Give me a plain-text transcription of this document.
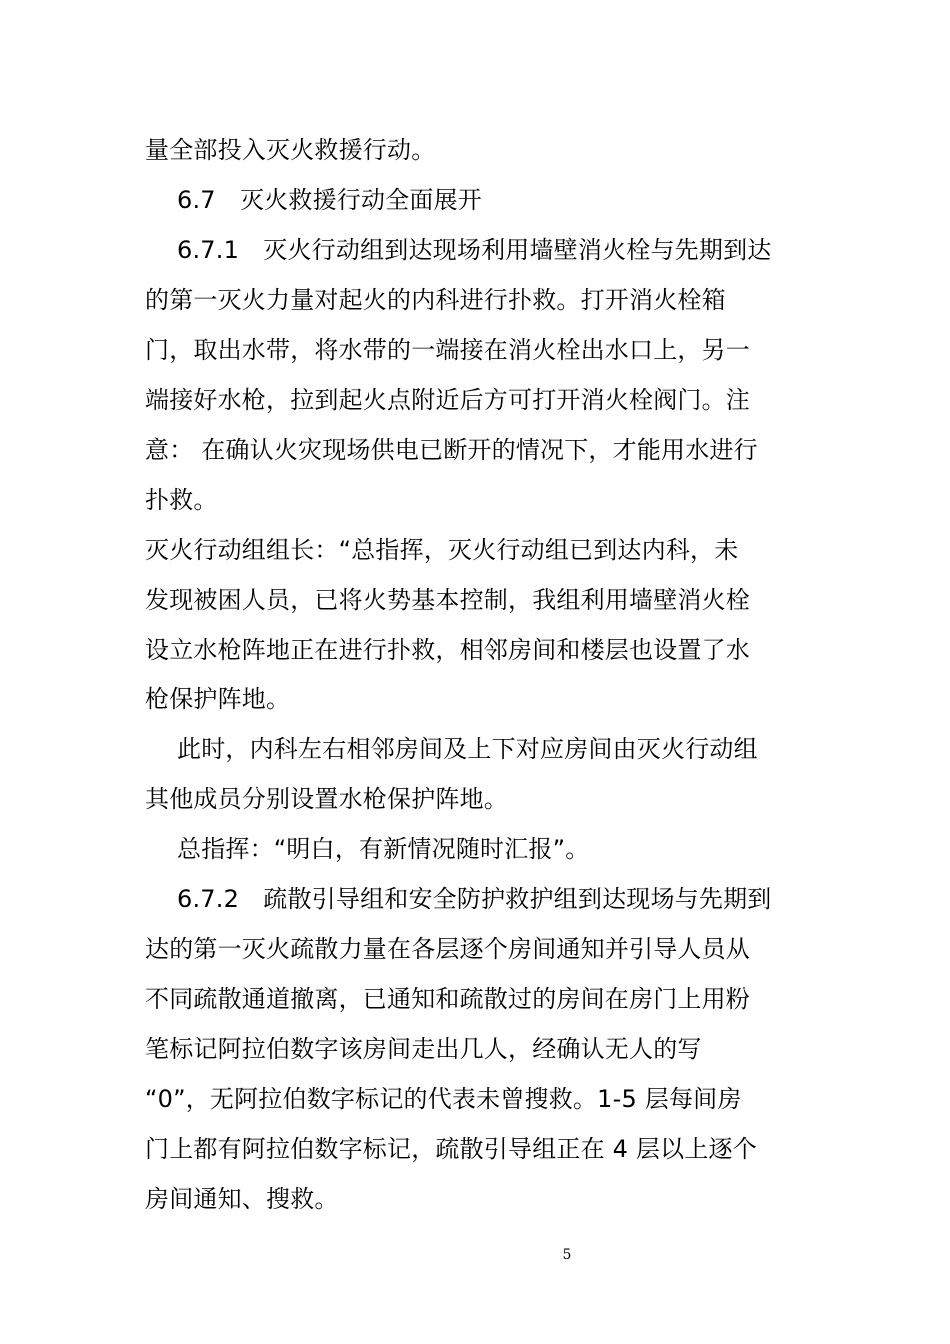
量全部投入灭火救援行动。
6.7　灭火救援行动全面展开
6.7.1　灭火行动组到达现场利用墙壁消火栓与先期到达
的第一灭火力量对起火的内科进行扑救。打开消火栓箱
门，取出水带，将水带的一端接在消火栓出水口上，另一
端接好水枪，拉到起火点附近后方可打开消火栓阀门。注
意： 在确认火灾现场供电已断开的情况下，才能用水进行
扑救。
灭火行动组组长：“总指挥，灭火行动组已到达内科，未
发现被困人员，已将火势基本控制，我组利用墙壁消火栓
设立水枪阵地正在进行扑救，相邻房间和楼层也设置了水
枪保护阵地。
此时，内科左右相邻房间及上下对应房间由灭火行动组
其他成员分别设置水枪保护阵地。
总指挥：“明白，有新情况随时汇报”。
6.7.2　疏散引导组和安全防护救护组到达现场与先期到
达的第一灭火疏散力量在各层逐个房间通知并引导人员从
不同疏散通道撤离，已通知和疏散过的房间在房门上用粉
笔标记阿拉伯数字该房间走出几人，经确认无人的写
“0”，无阿拉伯数字标记的代表未曾搜救。1-5 层每间房
门上都有阿拉伯数字标记，疏散引导组正在 4 层以上逐个
房间通知、搜救。
5
